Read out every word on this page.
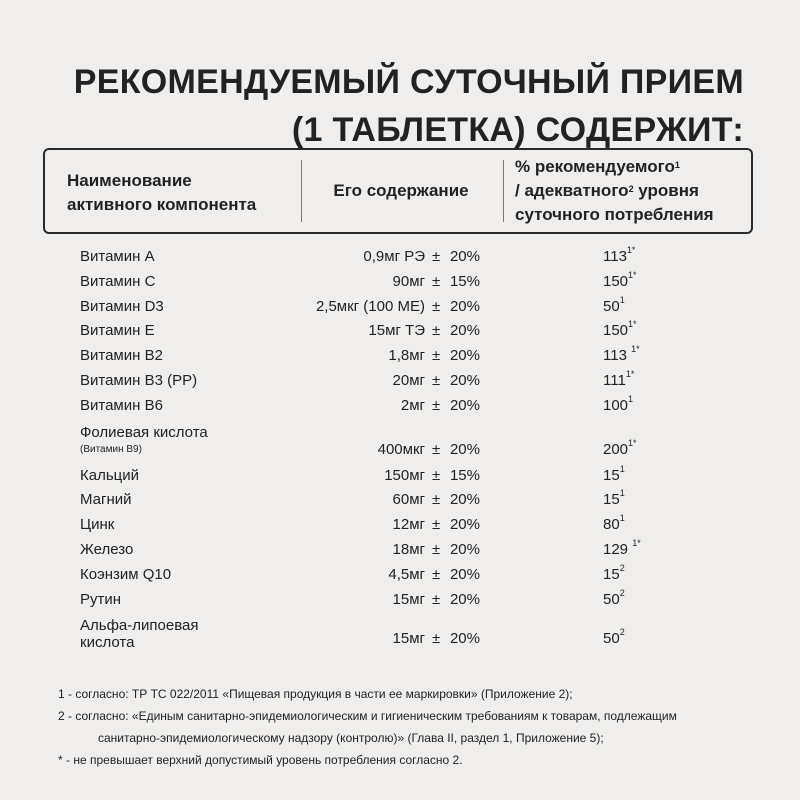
РЕКОМЕНДУЕМЫЙ СУТОЧНЫЙ ПРИЕМ
(1 ТАБЛЕТКА) СОДЕРЖИТ:
Наименование
активного компонента
Его содержание
% рекомендуемого$^1$
/ адекватного$^2$ уровня
суточного потребления
Витамин А	0,9мг РЭ ± 20%	$113^{1*}$
Витамин С	90мг ± 15%	$150^{1*}$
Витамин D3	2,5мкг (100 МЕ) ± 20%	$50^1$
Витамин Е	15мг ТЭ ± 20%	$150^{1*}$
Витамин В2	1,8мг ± 20%	113 $^{1*}$
Витамин В3 (РР)	20мг ± 20%	$111^{1*}$
Витамин В6	2мг ± 20%	$100^1$
Фолиевая кислота
(Витамин В9)	400мкг ± 20%	$200^{1*}$
Кальций	150мг ± 15%	$15^1$
Магний	60мг ± 20%	$15^1$
Цинк	12мг ± 20%	$80^1$
Железо	18мг ± 20%	129 $^{1*}$
Коэнзим Q10	4,5мг ± 20%	$15^2$
Рутин	15мг ± 20%	$50^2$
Альфа-липоевая
кислота	15мг ± 20%	$50^2$
1 - согласно: ТР ТС 022/2011 «Пищевая продукция в части ее маркировки» (Приложение 2);
2 - согласно: «Единым санитарно-эпидемиологическим и гигиеническим требованиям к товарам, подлежащим
санитарно-эпидемиологическому надзору (контролю)» (Глава II, раздел 1, Приложение 5);
* - не превышает верхний допустимый уровень потребления согласно 2.
